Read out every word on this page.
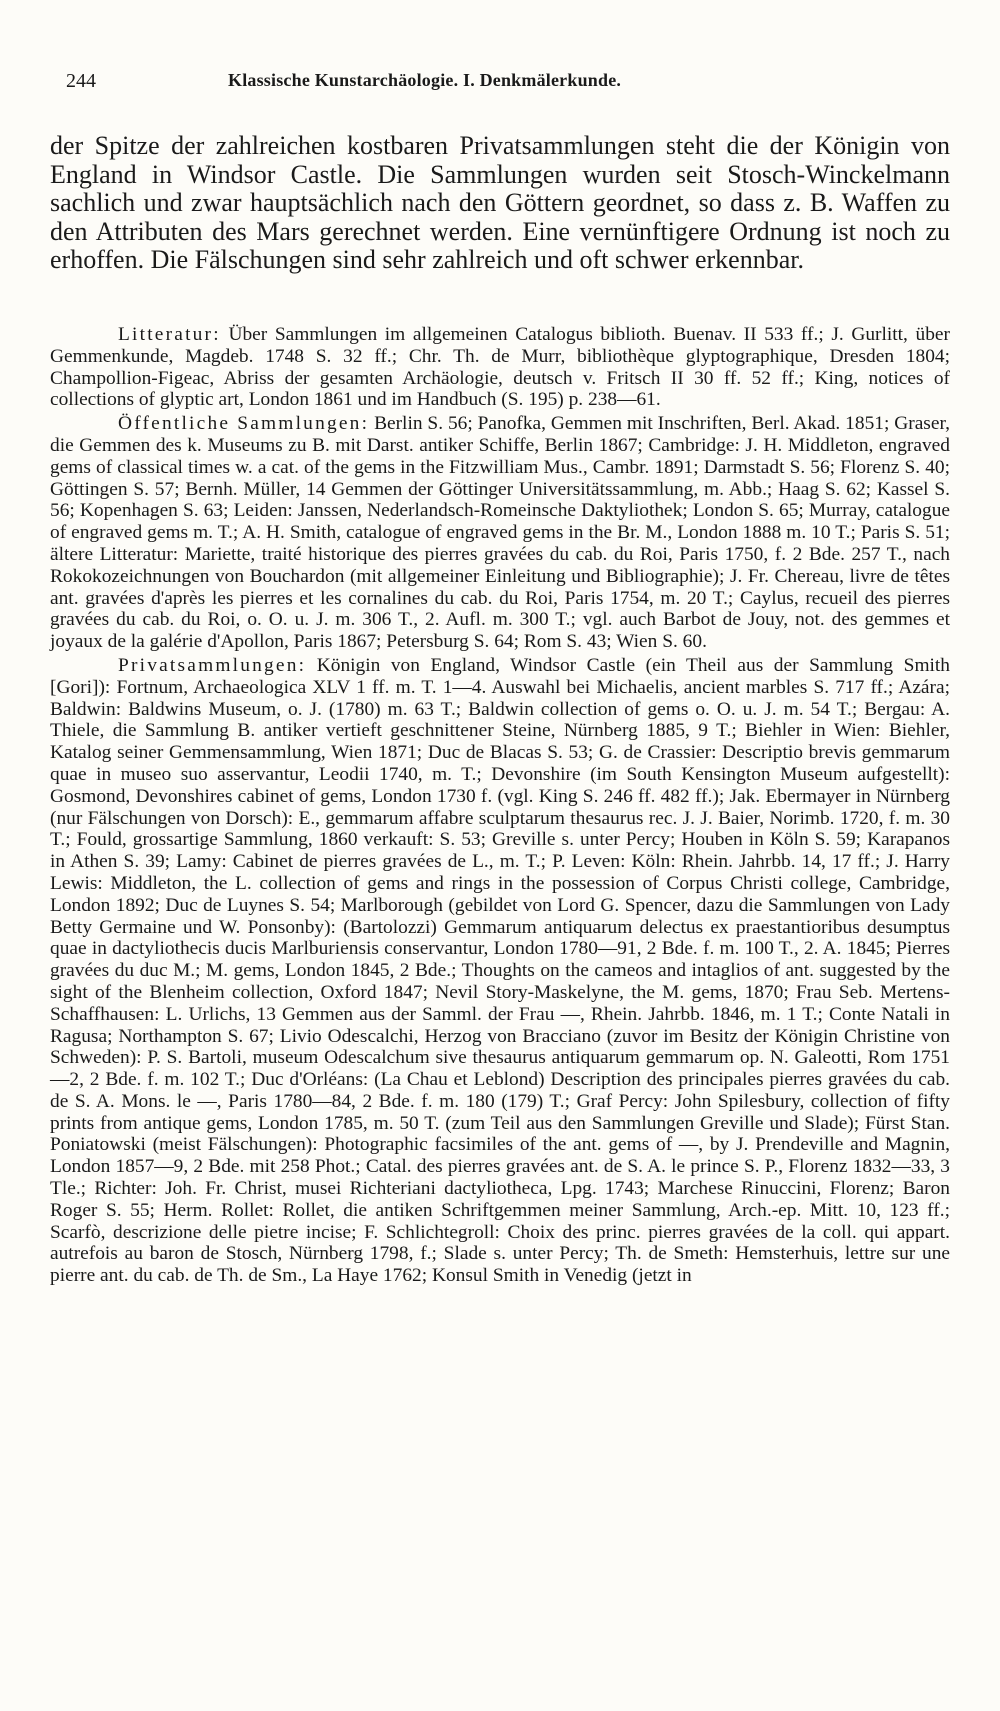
244	Klassische Kunstarchäologie. I. Denkmälerkunde.

der Spitze der zahlreichen kostbaren Privatsammlungen steht die der Königin von England in Windsor Castle. Die Sammlungen wurden seit Stosch-Winckelmann sachlich und zwar hauptsächlich nach den Göttern geordnet, so dass z. B. Waffen zu den Attributen des Mars gerechnet werden. Eine vernünftigere Ordnung ist noch zu erhoffen. Die Fälschungen sind sehr zahlreich und oft schwer erkennbar.

Litteratur: Über Sammlungen im allgemeinen Catalogus biblioth. Buenav. II 533 ff.; J. Gurlitt, über Gemmenkunde, Magdeb. 1748 S. 32 ff.; Chr. Th. de Murr, bibliothèque glyptographique, Dresden 1804; Champollion-Figeac, Abriss der gesamten Archäologie, deutsch v. Fritsch II 30 ff. 52 ff.; King, notices of collections of glyptic art, London 1861 und im Handbuch (S. 195) p. 238—61.

Öffentliche Sammlungen: Berlin S. 56; Panofka, Gemmen mit Inschriften, Berl. Akad. 1851; Graser, die Gemmen des k. Museums zu B. mit Darst. antiker Schiffe, Berlin 1867; Cambridge: J. H. Middleton, engraved gems of classical times w. a cat. of the gems in the Fitzwilliam Mus., Cambr. 1891; Darmstadt S. 56; Florenz S. 40; Göttingen S. 57; Bernh. Müller, 14 Gemmen der Göttinger Universitätssammlung, m. Abb.; Haag S. 62; Kassel S. 56; Kopenhagen S. 63; Leiden: Janssen, Nederlandsch-Romeinsche Daktyliothek; London S. 65; Murray, catalogue of engraved gems m. T.; A. H. Smith, catalogue of engraved gems in the Br. M., London 1888 m. 10 T.; Paris S. 51; ältere Litteratur: Mariette, traité historique des pierres gravées du cab. du Roi, Paris 1750, f. 2 Bde. 257 T., nach Rokokozeichnungen von Bouchardon (mit allgemeiner Einleitung und Bibliographie); J. Fr. Chereau, livre de têtes ant. gravées d'après les pierres et les cornalines du cab. du Roi, Paris 1754, m. 20 T.; Caylus, recueil des pierres gravées du cab. du Roi, o. O. u. J. m. 306 T., 2. Aufl. m. 300 T.; vgl. auch Barbot de Jouy, not. des gemmes et joyaux de la galérie d'Apollon, Paris 1867; Petersburg S. 64; Rom S. 43; Wien S. 60.

Privatsammlungen: Königin von England, Windsor Castle (ein Theil aus der Sammlung Smith [Gori]): Fortnum, Archaeologica XLV 1 ff. m. T. 1—4. Auswahl bei Michaelis, ancient marbles S. 717 ff.; Azára; Baldwin: Baldwins Museum, o. J. (1780) m. 63 T.; Baldwin collection of gems o. O. u. J. m. 54 T.; Bergau: A. Thiele, die Sammlung B. antiker vertieft geschnittener Steine, Nürnberg 1885, 9 T.; Biehler in Wien: Biehler, Katalog seiner Gemmensammlung, Wien 1871; Duc de Blacas S. 53; G. de Crassier: Descriptio brevis gemmarum quae in museo suo asservantur, Leodii 1740, m. T.; Devonshire (im South Kensington Museum aufgestellt): Gosmond, Devonshires cabinet of gems, London 1730 f. (vgl. King S. 246 ff. 482 ff.); Jak. Ebermayer in Nürnberg (nur Fälschungen von Dorsch): E., gemmarum affabre sculptarum thesaurus rec. J. J. Baier, Norimb. 1720, f. m. 30 T.; Fould, grossartige Sammlung, 1860 verkauft: S. 53; Greville s. unter Percy; Houben in Köln S. 59; Karapanos in Athen S. 39; Lamy: Cabinet de pierres gravées de L., m. T.; P. Leven: Köln: Rhein. Jahrbb. 14, 17 ff.; J. Harry Lewis: Middleton, the L. collection of gems and rings in the possession of Corpus Christi college, Cambridge, London 1892; Duc de Luynes S. 54; Marlborough (gebildet von Lord G. Spencer, dazu die Sammlungen von Lady Betty Germaine und W. Ponsonby): (Bartolozzi) Gemmarum antiquarum delectus ex praestantioribus desumptus quae in dactyliothecis ducis Marlburiensis conservantur, London 1780—91, 2 Bde. f. m. 100 T., 2. A. 1845; Pierres gravées du duc M.; M. gems, London 1845, 2 Bde.; Thoughts on the cameos and intaglios of ant. suggested by the sight of the Blenheim collection, Oxford 1847; Nevil Story-Maskelyne, the M. gems, 1870; Frau Seb. Mertens-Schaffhausen: L. Urlichs, 13 Gemmen aus der Samml. der Frau —, Rhein. Jahrbb. 1846, m. 1 T.; Conte Natali in Ragusa; Northampton S. 67; Livio Odescalchi, Herzog von Bracciano (zuvor im Besitz der Königin Christine von Schweden): P. S. Bartoli, museum Odescalchum sive thesaurus antiquarum gemmarum op. N. Galeotti, Rom 1751—2, 2 Bde. f. m. 102 T.; Duc d'Orléans: (La Chau et Leblond) Description des principales pierres gravées du cab. de S. A. Mons. le —, Paris 1780—84, 2 Bde. f. m. 180 (179) T.; Graf Percy: John Spilesbury, collection of fifty prints from antique gems, London 1785, m. 50 T. (zum Teil aus den Sammlungen Greville und Slade); Fürst Stan. Poniatowski (meist Fälschungen): Photographic facsimiles of the ant. gems of —, by J. Prendeville and Magnin, London 1857—9, 2 Bde. mit 258 Phot.; Catal. des pierres gravées ant. de S. A. le prince S. P., Florenz 1832—33, 3 Tle.; Richter: Joh. Fr. Christ, musei Richteriani dactyliotheca, Lpg. 1743; Marchese Rinuccini, Florenz; Baron Roger S. 55; Herm. Rollet: Rollet, die antiken Schriftgemmen meiner Sammlung, Arch.-ep. Mitt. 10, 123 ff.; Scarfò, descrizione delle pietre incise; F. Schlichtegroll: Choix des princ. pierres gravées de la coll. qui appart. autrefois au baron de Stosch, Nürnberg 1798, f.; Slade s. unter Percy; Th. de Smeth: Hemsterhuis, lettre sur une pierre ant. du cab. de Th. de Sm., La Haye 1762; Konsul Smith in Venedig (jetzt in
